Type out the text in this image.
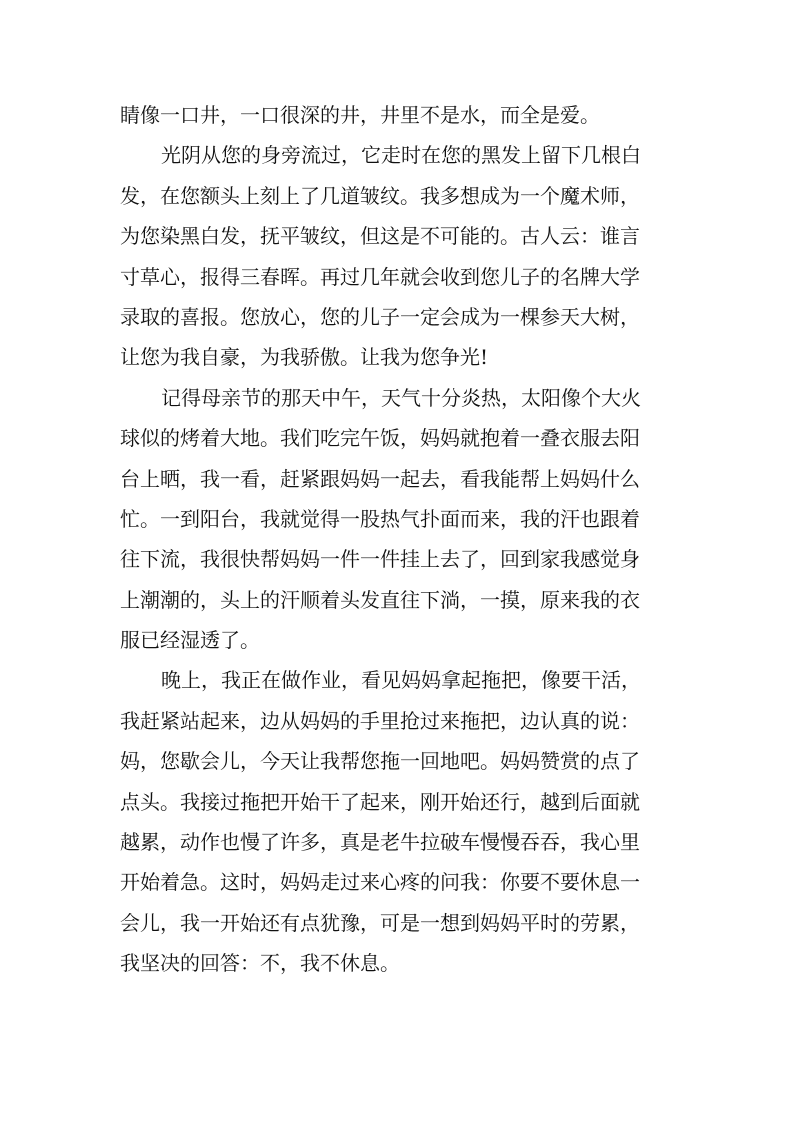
睛像一口井，一口很深的井，井里不是水，而全是爱。
光阴从您的身旁流过，它走时在您的黑发上留下几根白
发，在您额头上刻上了几道皱纹。我多想成为一个魔术师，
为您染黑白发，抚平皱纹，但这是不可能的。古人云：谁言
寸草心，报得三春晖。再过几年就会收到您儿子的名牌大学
录取的喜报。您放心，您的儿子一定会成为一棵参天大树，
让您为我自豪，为我骄傲。让我为您争光!
记得母亲节的那天中午，天气十分炎热，太阳像个大火
球似的烤着大地。我们吃完午饭，妈妈就抱着一叠衣服去阳
台上晒，我一看，赶紧跟妈妈一起去，看我能帮上妈妈什么
忙。一到阳台，我就觉得一股热气扑面而来，我的汗也跟着
往下流，我很快帮妈妈一件一件挂上去了，回到家我感觉身
上潮潮的，头上的汗顺着头发直往下淌，一摸，原来我的衣
服已经湿透了。
晚上，我正在做作业，看见妈妈拿起拖把，像要干活，
我赶紧站起来，边从妈妈的手里抢过来拖把，边认真的说：
妈，您歇会儿，今天让我帮您拖一回地吧。妈妈赞赏的点了
点头。我接过拖把开始干了起来，刚开始还行，越到后面就
越累，动作也慢了许多，真是老牛拉破车慢慢吞吞，我心里
开始着急。这时，妈妈走过来心疼的问我：你要不要休息一
会儿，我一开始还有点犹豫，可是一想到妈妈平时的劳累，
我坚决的回答：不，我不休息。
